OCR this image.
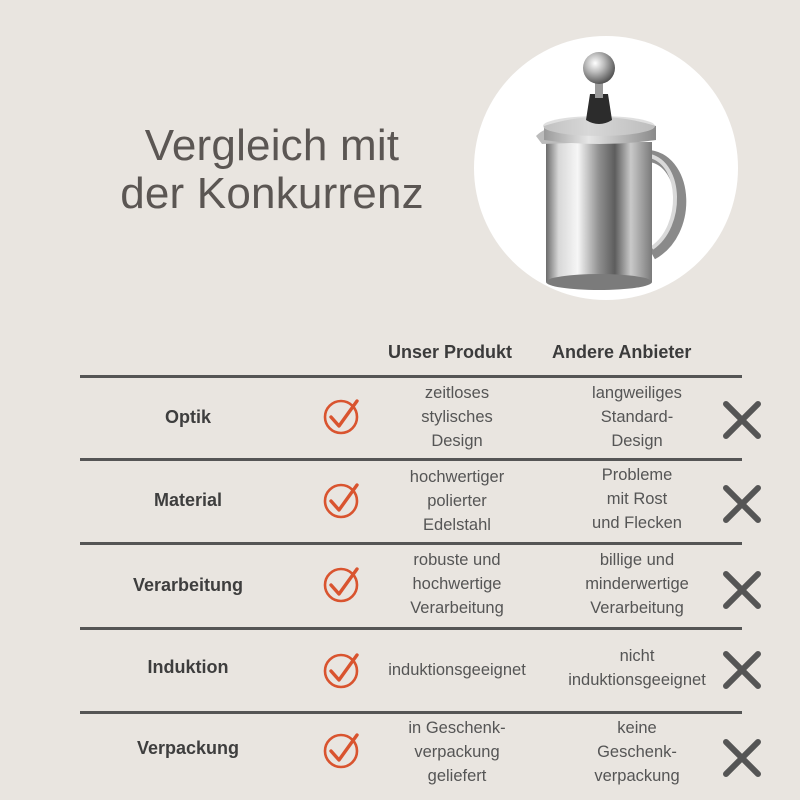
Vergleich mit
der Konkurrenz
Unser Produkt Andere Anbieter
Optik
zeitloses
stylisches
Design
langweiliges
Standard-
Design
Material
hochwertiger
polierter
Edelstahl
Probleme
mit Rost
und Flecken
Verarbeitung
robuste und
hochwertige
Verarbeitung
billige und
minderwertige
Verarbeitung
Induktion	induktionsgeeignet
nicht
induktionsgeeignet
Verpackung
in Geschenk-
verpackung
geliefert
keine
Geschenk-
verpackung
